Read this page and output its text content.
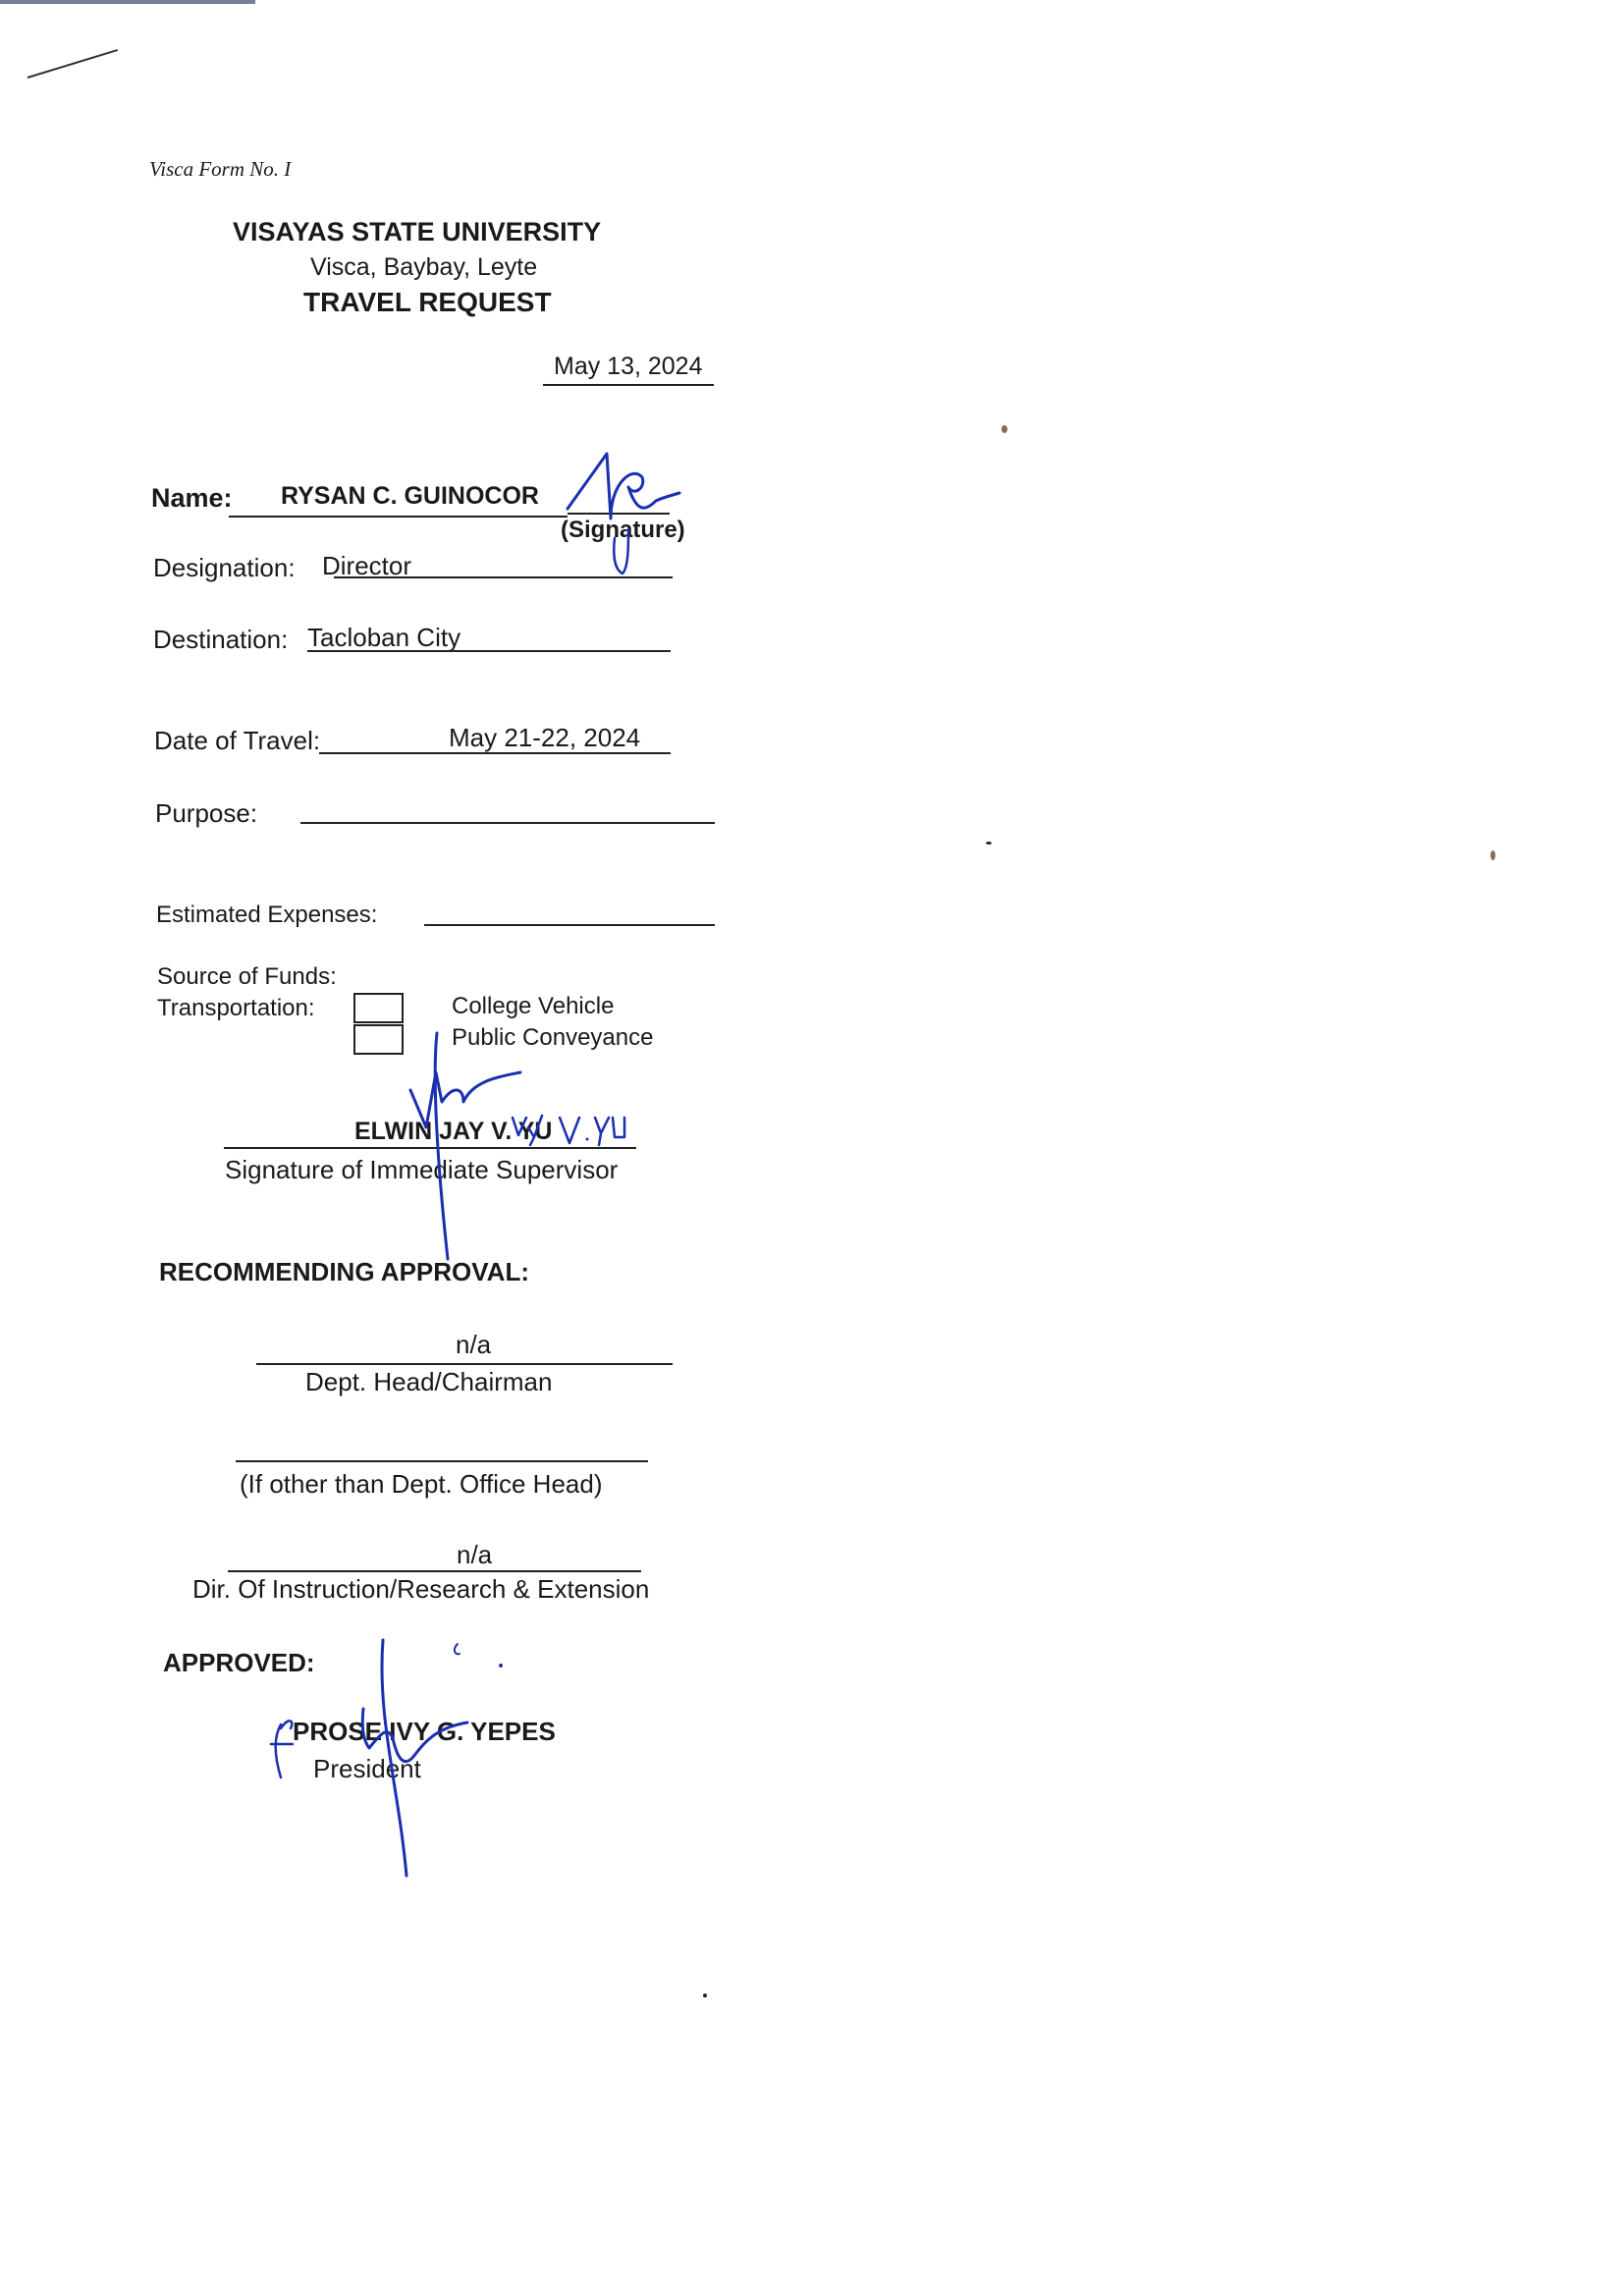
Visca Form No. I
VISAYAS STATE UNIVERSITY
Visca, Baybay, Leyte
TRAVEL REQUEST
May 13, 2024
Name: RYSAN C. GUINOCOR
(Signature)
Designation: Director
Destination: Tacloban City
Date of Travel:	May 21-22, 2024
Purpose:
Estimated Expenses:
Source of Funds:
Transportation:	College Vehicle
Public Conveyance
ELWIN JAY V. YU
Signature of Immediate Supervisor
RECOMMENDING APPROVAL:
n/a
Dept. Head/Chairman
(If other than Dept. Office Head)
n/a
Dir. Of Instruction/Research & Extension
APPROVED:
PROSE IVY G. YEPES
President
